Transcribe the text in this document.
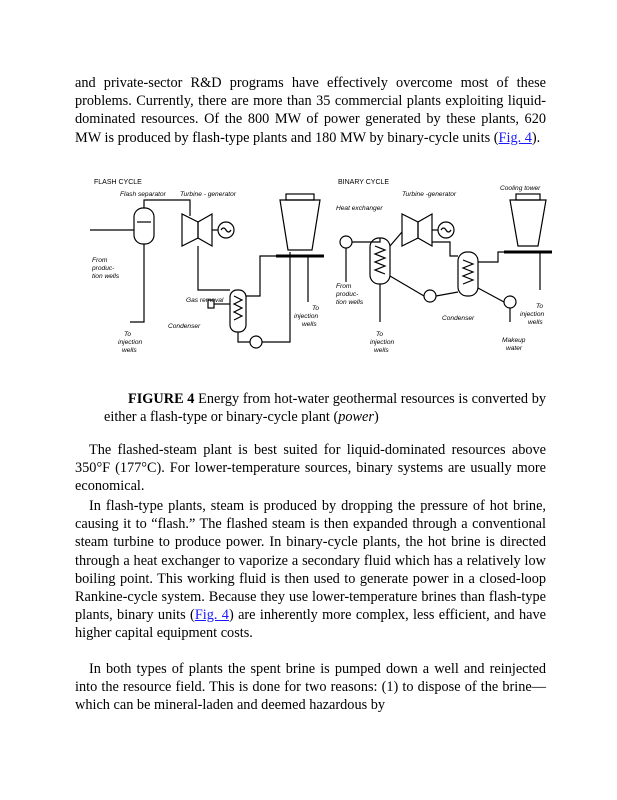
and private-sector R&D programs have effectively overcome most of these problems. Currently, there are more than 35 commercial plants exploiting liquid-dominated resources. Of the 800 MW of power generated by these plants, 620 MW is produced by flash-type plants and 180 MW by binary-cycle units (Fig. 4).

FLASH CYCLE
Flash separator Turbine - generator
From
produc-
tion wells
Gas removal
Condenser
To
injection
wells
To
injection
wells
BINARY CYCLE
Heat exchanger
Turbine -generator
Cooling tower
From
produc-
tion wells
To
injection
wells
Condenser
To
injection
wells
Makeup
water

FIGURE 4 Energy from hot-water geothermal resources is converted by either a flash-type or binary-cycle plant (power)

The flashed-steam plant is best suited for liquid-dominated resources above 350°F (177°C). For lower-temperature sources, binary systems are usually more economical.

In flash-type plants, steam is produced by dropping the pressure of hot brine, causing it to “flash.” The flashed steam is then expanded through a conventional steam turbine to produce power. In binary-cycle plants, the hot brine is directed through a heat exchanger to vaporize a secondary fluid which has a relatively low boiling point. This working fluid is then used to generate power in a closed-loop Rankine-cycle system. Because they use lower-temperature brines than flash-type plants, binary units (Fig. 4) are inherently more complex, less efficient, and have higher capital equipment costs.

In both types of plants the spent brine is pumped down a well and reinjected into the resource field. This is done for two reasons: (1) to dispose of the brine—which can be mineral-laden and deemed hazardous by
